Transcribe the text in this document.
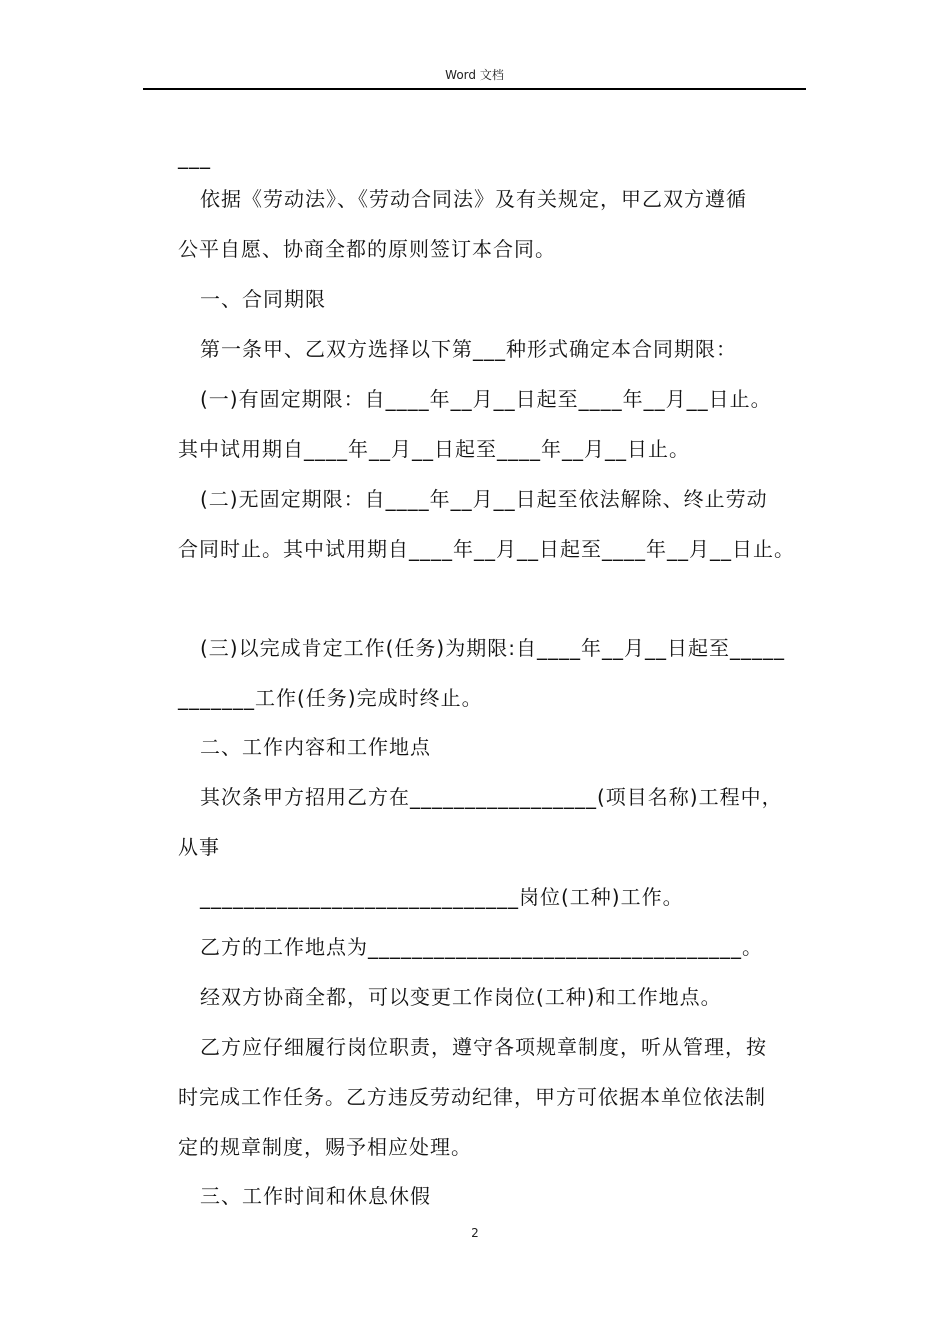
Word 文档
___
依据《劳动法》、《劳动合同法》及有关规定，甲乙双方遵循
公平自愿、协商全都的原则签订本合同。
一、合同期限
第一条甲、乙双方选择以下第___种形式确定本合同期限：
(一)有固定期限：自____年__月__日起至____年__月__日止。
其中试用期自____年__月__日起至____年__月__日止。
(二)无固定期限：自____年__月__日起至依法解除、终止劳动
合同时止。其中试用期自____年__月__日起至____年__月__日止。
(三)以完成肯定工作(任务)为期限:自____年__月__日起至_____
_______工作(任务)完成时终止。
二、工作内容和工作地点
其次条甲方招用乙方在_________________(项目名称)工程中，
从事
_____________________________岗位(工种)工作。
乙方的工作地点为__________________________________。
经双方协商全都，可以变更工作岗位(工种)和工作地点。
乙方应仔细履行岗位职责，遵守各项规章制度，听从管理，按
时完成工作任务。乙方违反劳动纪律，甲方可依据本单位依法制
定的规章制度，赐予相应处理。
三、工作时间和休息休假
2
